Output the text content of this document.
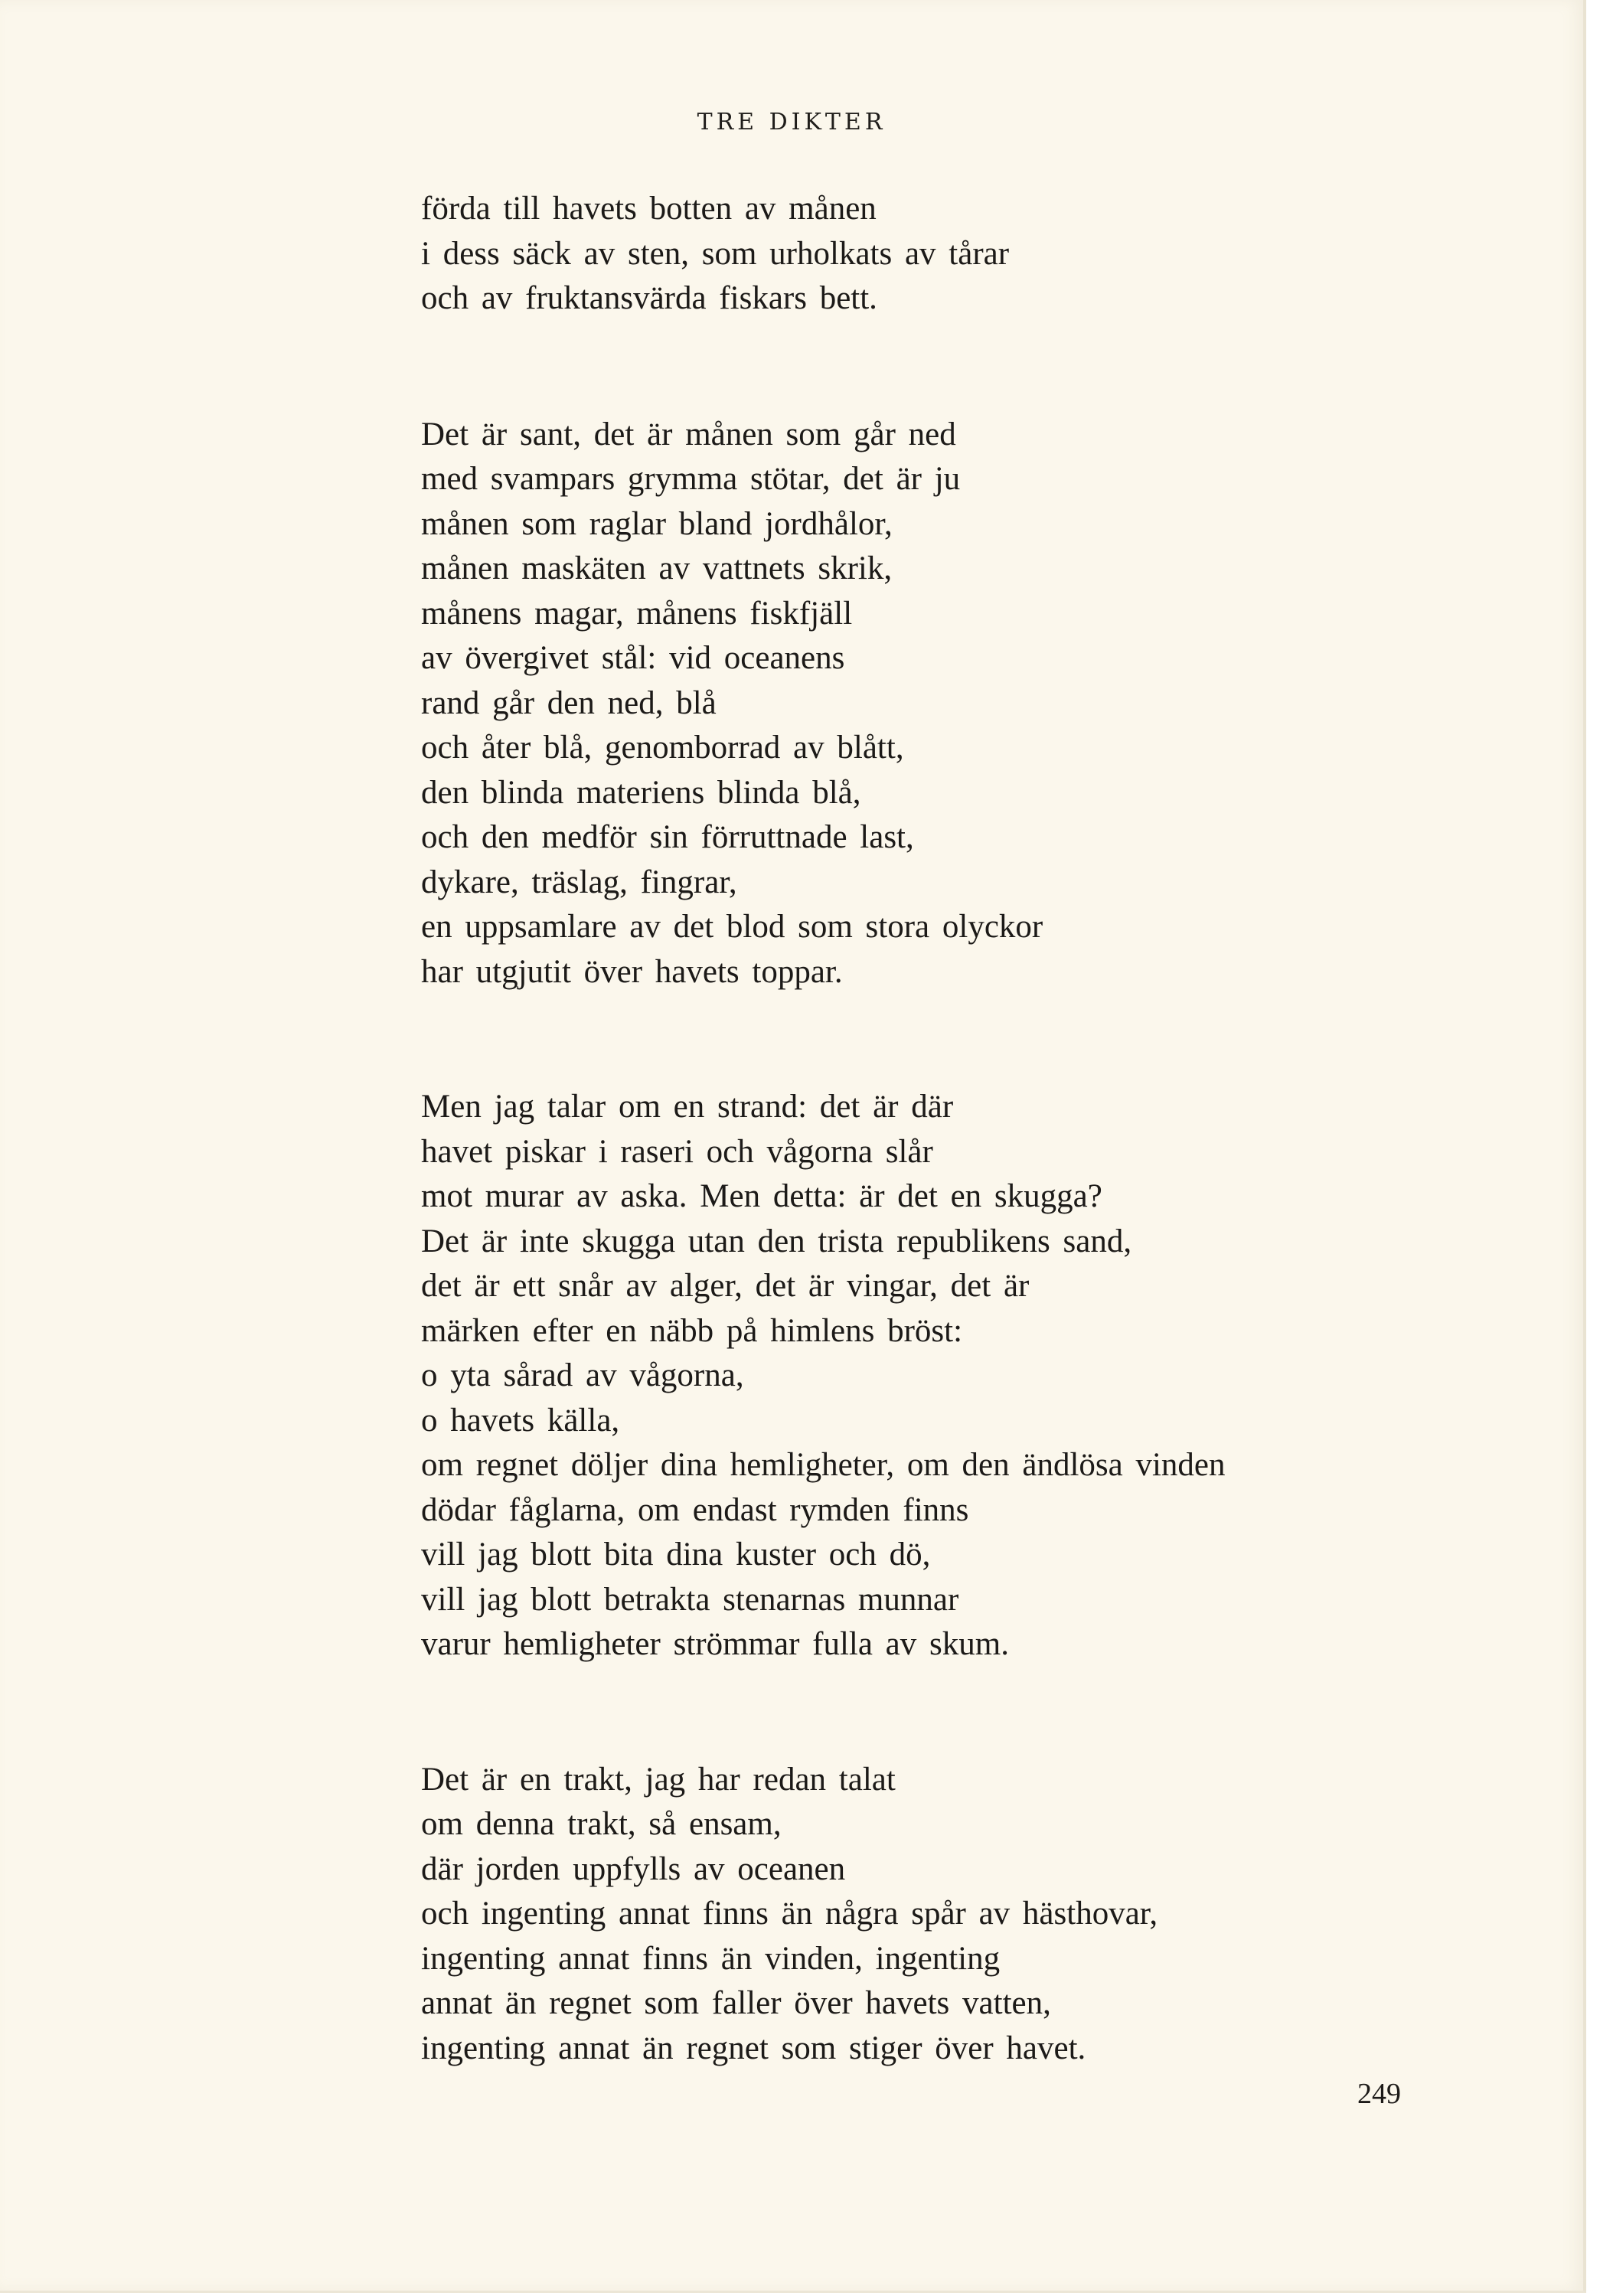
TRE DIKTER
förda till havets botten av månen
i dess säck av sten, som urholkats av tårar
och av fruktansvärda fiskars bett.
Det är sant, det är månen som går ned
med svampars grymma stötar, det är ju
månen som raglar bland jordhålor,
månen maskäten av vattnets skrik,
månens magar, månens fiskfjäll
av övergivet stål: vid oceanens
rand går den ned, blå
och åter blå, genomborrad av blått,
den blinda materiens blinda blå,
och den medför sin förruttnade last,
dykare, träslag, fingrar,
en uppsamlare av det blod som stora olyckor
har utgjutit över havets toppar.
Men jag talar om en strand: det är där
havet piskar i raseri och vågorna slår
mot murar av aska. Men detta: är det en skugga?
Det är inte skugga utan den trista republikens sand,
det är ett snår av alger, det är vingar, det är
märken efter en näbb på himlens bröst:
o yta sårad av vågorna,
o havets källa,
om regnet döljer dina hemligheter, om den ändlösa vinden
dödar fåglarna, om endast rymden finns
vill jag blott bita dina kuster och dö,
vill jag blott betrakta stenarnas munnar
varur hemligheter strömmar fulla av skum.
Det är en trakt, jag har redan talat
om denna trakt, så ensam,
där jorden uppfylls av oceanen
och ingenting annat finns än några spår av hästhovar,
ingenting annat finns än vinden, ingenting
annat än regnet som faller över havets vatten,
ingenting annat än regnet som stiger över havet.
249
